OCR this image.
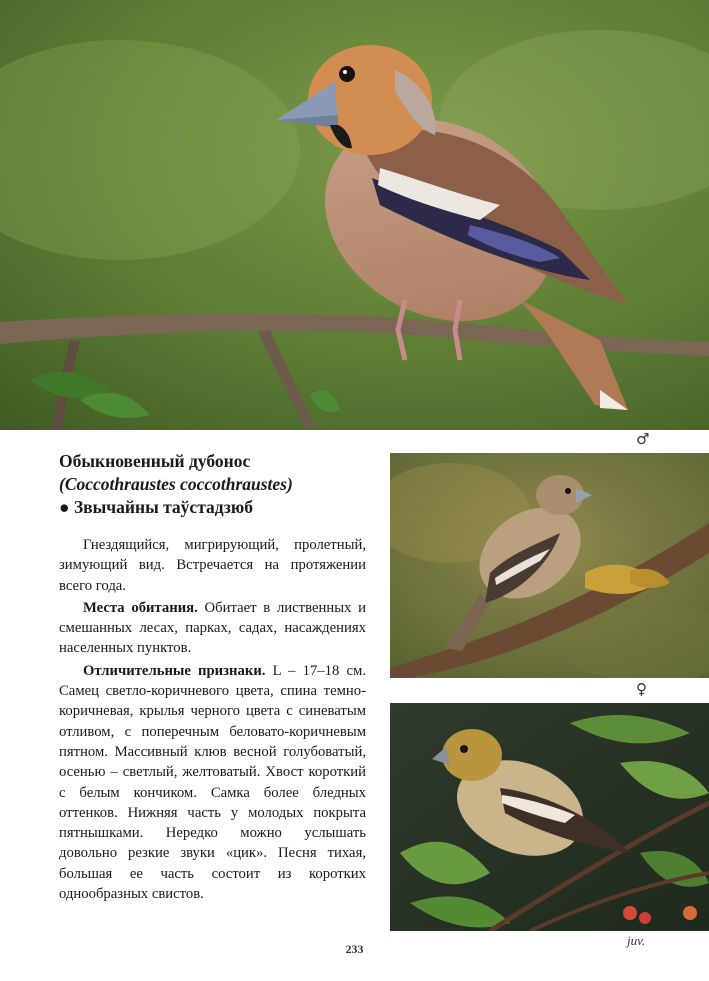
♂
Обыкновенный дубонос
(Coccothraustes coccothraustes)
● Звычайны таўстадзюб

Гнездящийся, мигрирующий, пролетный, зимующий вид. Встречается на протяжении всего года.

Места обитания. Обитает в лиственных и смешанных лесах, парках, садах, насаждениях населенных пунктов.

Отличительные признаки. L – 17–18 см. Самец светло-коричневого цвета, спина темно-коричневая, крылья черного цвета с синеватым отливом, с поперечным беловато-коричневым пятном. Массивный клюв весной голубоватый, осенью – светлый, желтоватый. Хвост короткий с белым кончиком. Самка более бледных оттенков. Нижняя часть у молодых покрыта пятнышками. Нередко можно услышать довольно резкие звуки «цик». Песня тихая, большая ее часть состоит из коротких однообразных свистов.

♀
juv.
233
